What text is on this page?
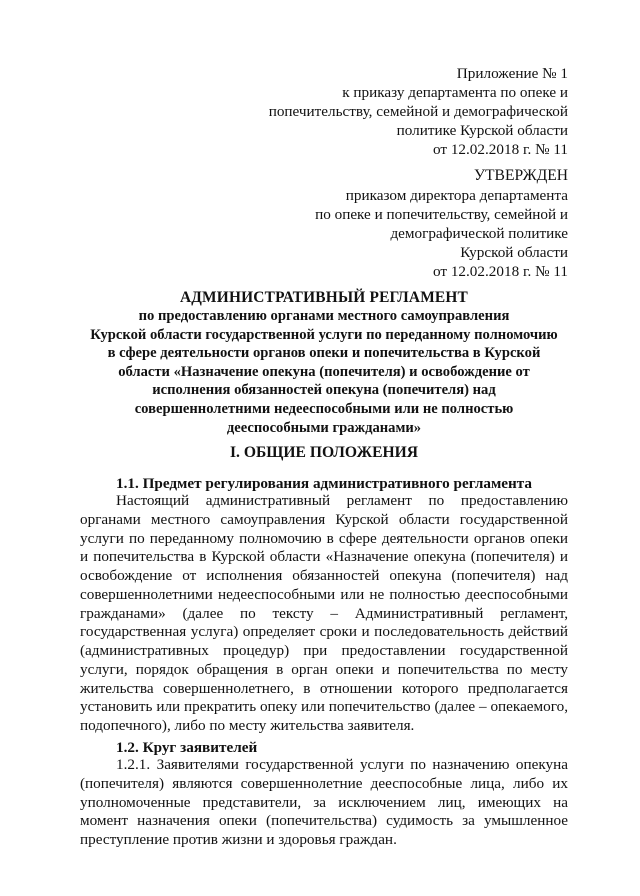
Приложение № 1
к приказу департамента по опеке и
попечительству, семейной и демографической
политике Курской области
от 12.02.2018 г. № 11
УТВЕРЖДЕН
приказом директора департамента
по опеке и попечительству, семейной и
демографической политике
Курской области
от 12.02.2018 г. № 11
АДМИНИСТРАТИВНЫЙ РЕГЛАМЕНТ
по предоставлению органами местного самоуправления
Курской области государственной услуги по переданному полномочию
в сфере деятельности органов опеки и попечительства в Курской
области «Назначение опекуна (попечителя) и освобождение от
исполнения обязанностей опекуна (попечителя) над
совершеннолетними недееспособными или не полностью
дееспособными гражданами»
I. ОБЩИЕ ПОЛОЖЕНИЯ
1.1. Предмет регулирования административного регламента
Настоящий административный регламент по предоставлению органами местного самоуправления Курской области государственной услуги по переданному полномочию в сфере деятельности органов опеки и попечительства в Курской области «Назначение опекуна (попечителя) и освобождение от исполнения обязанностей опекуна (попечителя) над совершеннолетними недееспособными или не полностью дееспособными гражданами» (далее по тексту – Административный регламент, государственная услуга) определяет сроки и последовательность действий (административных процедур) при предоставлении государственной услуги, порядок обращения в орган опеки и попечительства по месту жительства совершеннолетнего, в отношении которого предполагается установить или прекратить опеку или попечительство (далее – опекаемого, подопечного), либо по месту жительства заявителя.
1.2. Круг заявителей
1.2.1. Заявителями государственной услуги по назначению опекуна (попечителя) являются совершеннолетние дееспособные лица, либо их уполномоченные представители, за исключением лиц, имеющих на момент назначения опеки (попечительства) судимость за умышленное преступление против жизни и здоровья граждан.
